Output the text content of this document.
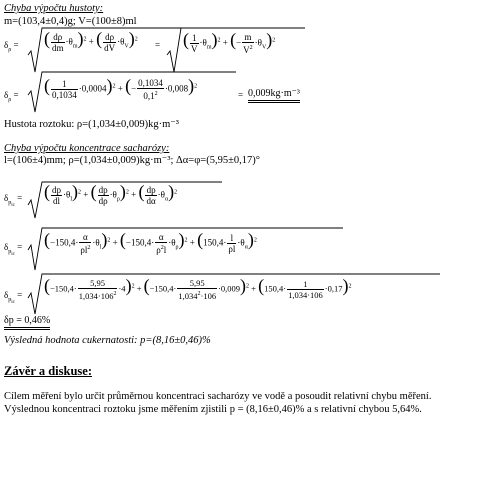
Chyba výpočtu hustoty:
m=(103,4±0,4)g; V=(100±8)ml
$\delta_\rho$ = ( $\frac{d\rho}{dm} \cdot\theta_m)^2$ + ( $\frac{d\rho}{dV} \cdot\theta_V)^2$
= ( $\frac{1}{V} \cdot\theta_m)^2$ + (− $\frac{m}{V^2} \cdot\theta_V)^2$
$\delta_\rho$ = ( $\frac{1}{0,1034} \cdot 0,0004)^2$ + (− $\frac{0,1034}{0,1^2} \cdot 0,008)^2$
= 0,009kg·m⁻³
Hustota roztoku: ρ=(1,034±0,009)kg·m⁻³
Chyba výpočtu koncentrace sacharózy:
l=(106±4)mm; ρ=(1,034±0,009)kg·m⁻³; Δα=φ=(5,95±0,17)°
$\delta_{p_{ic}}$ = ( $\frac{dp}{dl} \cdot\theta_l)^2$ + ( $\frac{dp}{d\rho} \cdot\theta_\rho)^2$ + ( $\frac{dp}{d\alpha} \cdot\theta_\alpha)^2$
$\delta_{p_{ic}} = (-150,4\cdot \frac{\alpha}{\rho l^2} \cdot\theta_l)^2 + (-150,4\cdot \frac{\alpha}{\rho^2l} \cdot\theta_\rho)^2 + (150,4\cdot \frac{l}{\rho l} \cdot\theta_\alpha)^2$
$\delta_{p_{ic}} = (-150,4\cdot \frac{5,95}{1,034\cdot 106^2} \cdot 4)^2 + (-150,4\cdot \frac{5,95}{1,034^2\cdot 106} \cdot 0,009)^2 + (150,4\cdot \frac{1}{1,034\cdot 106} \cdot 0,17)^2$
δp = 0,46%
Výsledná hodnota cukernatosti: p=(8,16±0,46)%
Závěr a diskuse:
Cílem měření bylo určit průměrnou koncentraci sacharózy ve vodě a posoudit relativní chybu měření. Výslednou koncentraci roztoku jsme měřením zjistili p = (8,16±0,46)% a s relativní chybou 5,64%.
